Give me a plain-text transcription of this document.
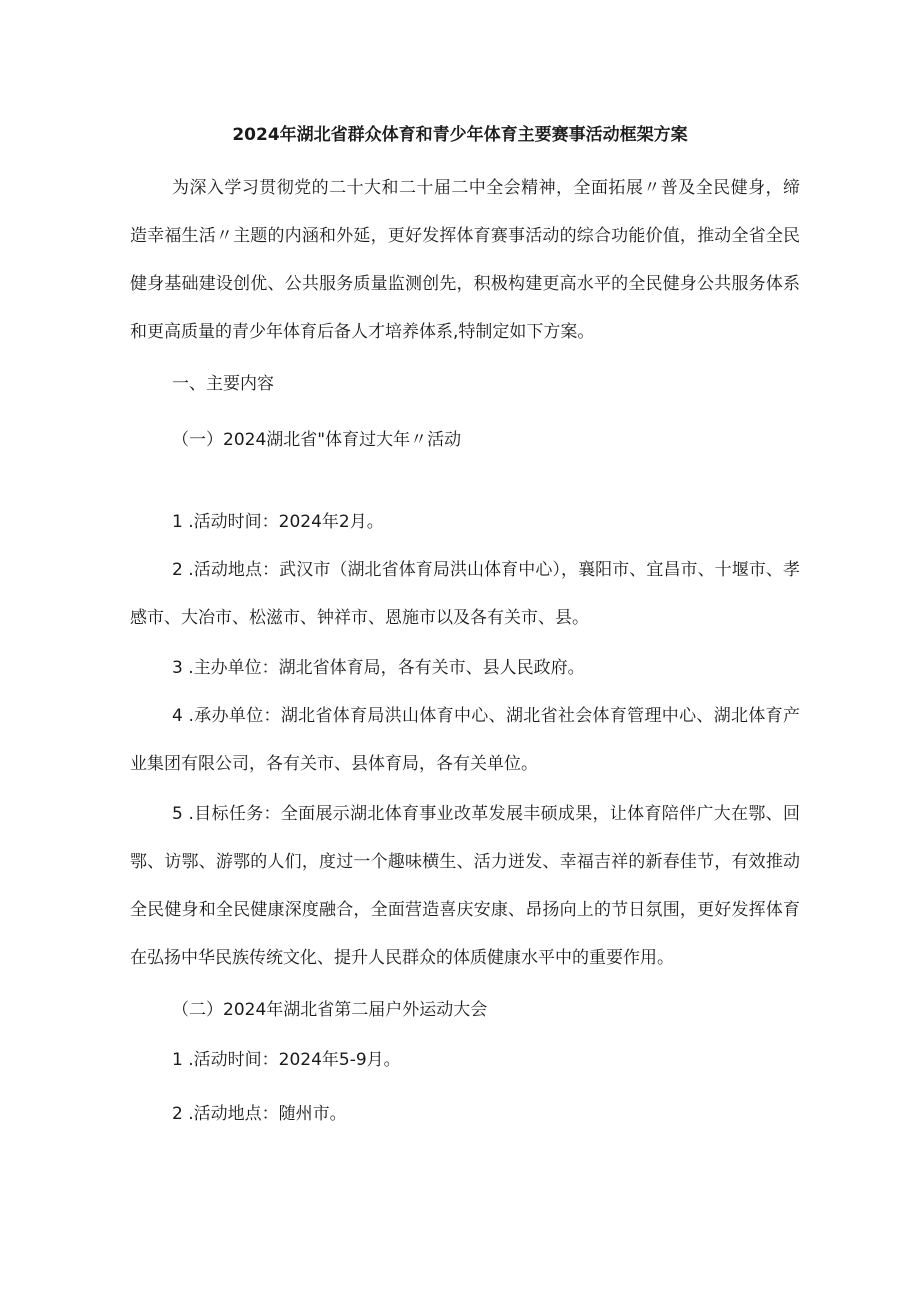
2024年湖北省群众体育和青少年体育主要赛事活动框架方案
为深入学习贯彻党的二十大和二十届二中全会精神，全面拓展〃普及全民健身，缔造幸福生活〃主题的内涵和外延，更好发挥体育赛事活动的综合功能价值，推动全省全民健身基础建设创优、公共服务质量监测创先，积极构建更高水平的全民健身公共服务体系和更高质量的青少年体育后备人才培养体系,特制定如下方案。
一、主要内容
（一）2024湖北省"体育过大年〃活动
1 .活动时间：2024年2月。
2 .活动地点：武汉市（湖北省体育局洪山体育中心），襄阳市、宜昌市、十堰市、孝感市、大冶市、松滋市、钟祥市、恩施市以及各有关市、县。
3 .主办单位：湖北省体育局，各有关市、县人民政府。
4 .承办单位：湖北省体育局洪山体育中心、湖北省社会体育管理中心、湖北体育产业集团有限公司，各有关市、县体育局，各有关单位。
5 .目标任务：全面展示湖北体育事业改革发展丰硕成果，让体育陪伴广大在鄂、回鄂、访鄂、游鄂的人们，度过一个趣味横生、活力迸发、幸福吉祥的新春佳节，有效推动全民健身和全民健康深度融合，全面营造喜庆安康、昂扬向上的节日氛围，更好发挥体育在弘扬中华民族传统文化、提升人民群众的体质健康水平中的重要作用。
（二）2024年湖北省第二届户外运动大会
1 .活动时间：2024年5-9月。
2 .活动地点：随州市。
